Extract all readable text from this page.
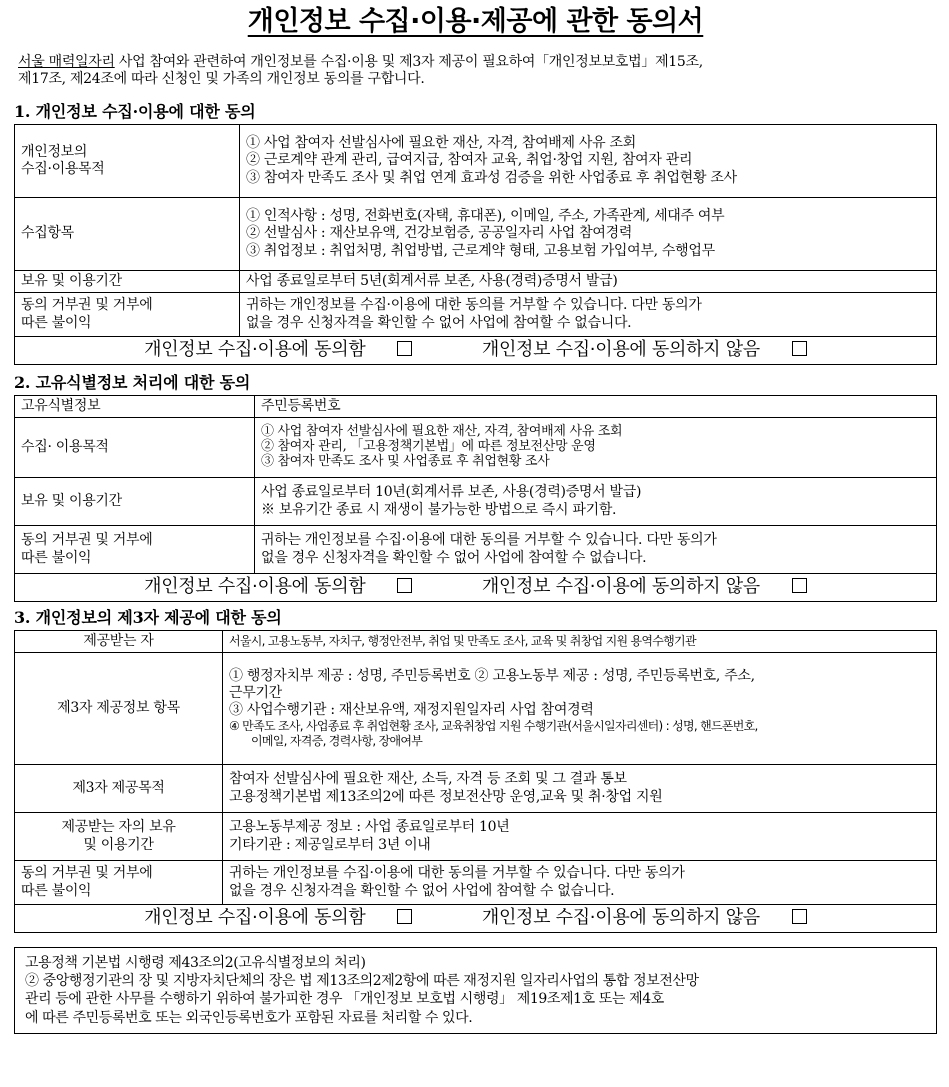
개인정보 수집·이용·제공에 관한 동의서
서울 매력일자리 사업 참여와 관련하여 개인정보를 수집·이용 및 제3자 제공이 필요하여「개인정보보호법」제15조,
제17조, 제24조에 따라 신청인 및 가족의 개인정보 동의를 구합니다.
1. 개인정보 수집·이용에 대한 동의
개인정보의
수집·이용목적	① 사업 참여자 선발심사에 필요한 재산, 자격, 참여배제 사유 조회
② 근로계약 관계 관리, 급여지급, 참여자 교육, 취업·창업 지원, 참여자 관리
③ 참여자 만족도 조사 및 취업 연계 효과성 검증을 위한 사업종료 후 취업현황 조사

수집항목	① 인적사항 : 성명, 전화번호(자택, 휴대폰), 이메일, 주소, 가족관계, 세대주 여부
② 선발심사 : 재산보유액, 건강보험증, 공공일자리 사업 참여경력
③ 취업정보 : 취업처명, 취업방법, 근로계약 형태, 고용보험 가입여부, 수행업무

보유 및 이용기간	사업 종료일로부터 5년(회계서류 보존, 사용(경력)증명서 발급)

동의 거부권 및 거부에
따른 불이익	귀하는 개인정보를 수집·이용에 대한 동의를 거부할 수 있습니다. 다만 동의가
없을 경우 신청자격을 확인할 수 없어 사업에 참여할 수 없습니다.
개인정보 수집·이용에 동의함	개인정보 수집·이용에 동의하지 않음
2. 고유식별정보 처리에 대한 동의
고유식별정보	주민등록번호
수집· 이용목적	① 사업 참여자 선발심사에 필요한 재산, 자격, 참여배제 사유 조회
② 참여자 관리, 「고용정책기본법」에 따른 정보전산망 운영
③ 참여자 만족도 조사 및 사업종료 후 취업현황 조사

보유 및 이용기간	사업 종료일로부터 10년(회계서류 보존, 사용(경력)증명서 발급)
※ 보유기간 종료 시 재생이 불가능한 방법으로 즉시 파기함.

동의 거부권 및 거부에
따른 불이익	귀하는 개인정보를 수집·이용에 대한 동의를 거부할 수 있습니다. 다만 동의가
없을 경우 신청자격을 확인할 수 없어 사업에 참여할 수 없습니다.
개인정보 수집·이용에 동의함	개인정보 수집·이용에 동의하지 않음
3. 개인정보의 제3자 제공에 대한 동의
제공받는 자	서울시, 고용노동부, 자치구, 행정안전부, 취업 및 만족도 조사, 교육 및 취창업 지원 용역수행기관
제3자 제공정보 항목	① 행정자치부 제공 : 성명, 주민등록번호 ② 고용노동부 제공 : 성명, 주민등록번호, 주소,
근무기간
③ 사업수행기관 : 재산보유액, 재정지원일자리 사업 참여경력
④ 만족도 조사, 사업종료 후 취업현황 조사, 교육취창업 지원 수행기관(서울시일자리센터) : 성명, 핸드폰번호,
이메일, 자격증, 경력사항, 장애여부

제3자 제공목적	참여자 선발심사에 필요한 재산, 소득, 자격 등 조회 및 그 결과 통보
고용정책기본법 제13조의2에 따른 정보전산망 운영,교육 및 취·창업 지원

제공받는 자의 보유
및 이용기간	고용노동부제공 정보 : 사업 종료일로부터 10년
기타기관 : 제공일로부터 3년 이내

동의 거부권 및 거부에
따른 불이익	귀하는 개인정보를 수집·이용에 대한 동의를 거부할 수 있습니다. 다만 동의가
없을 경우 신청자격을 확인할 수 없어 사업에 참여할 수 없습니다.
개인정보 수집·이용에 동의함	개인정보 수집·이용에 동의하지 않음
고용정책 기본법 시행령 제43조의2(고유식별정보의 처리)
② 중앙행정기관의 장 및 지방자치단체의 장은 법 제13조의2제2항에 따른 재정지원 일자리사업의 통합 정보전산망
관리 등에 관한 사무를 수행하기 위하여 불가피한 경우 「개인정보 보호법 시행령」 제19조제1호 또는 제4호
에 따른 주민등록번호 또는 외국인등록번호가 포함된 자료를 처리할 수 있다.
